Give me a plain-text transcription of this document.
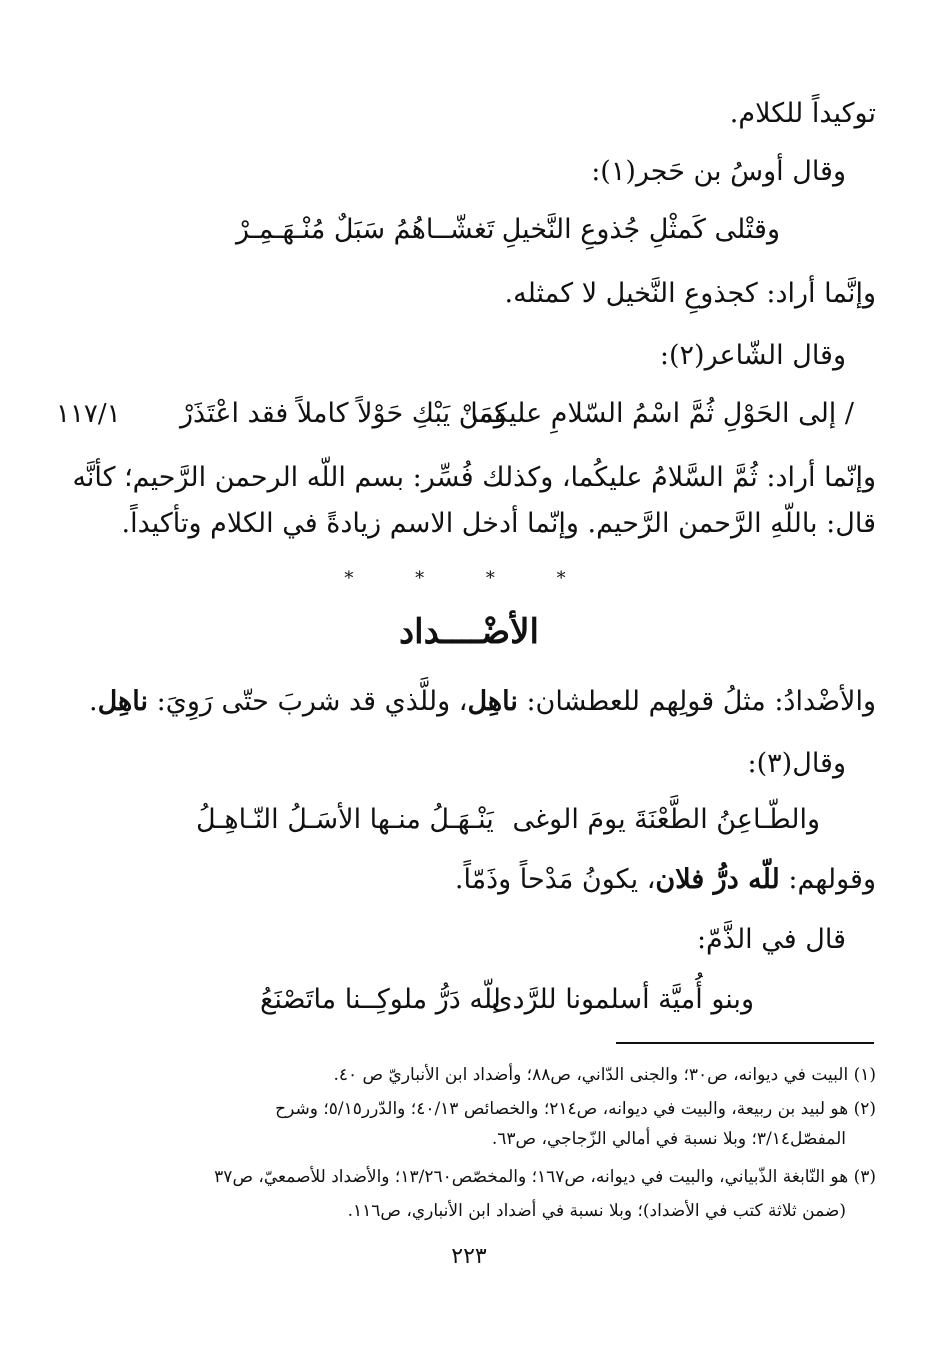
توكيداً للكلام.
وقال أوسُ بن حَجر(١):
وقتْلى كَمثْلِ جُذوعِ النَّخيلِ
تَغشّــاهُمُ سَبَلٌ مُنْـهَـمِـرْ
وإنَّما أراد: كجذوعِ النَّخيل لا كمثله.
وقال الشّاعر(٢):
/ إلى الحَوْلِ ثُمَّ اسْمُ السّلامِ عليكما
وَمَنْ يَبْكِ حَوْلاً كاملاً فقد اعْتَذَرْ
١١٧/١
وإنّما أراد: ثُمَّ السَّلامُ عليكُما، وكذلك فُسِّر: بسم اللّه الرحمن الرَّحيم؛ كأنَّه
قال: باللّهِ الرَّحمن الرَّحيم. وإنّما أدخل الاسم زيادةً في الكلام وتأكيداً.
* * * *
الأضْــــداد
والأضْدادُ: مثلُ قولِهم للعطشان: ناهِل، وللَّذي قد شربَ حتّى رَوِيَ: ناهِل.
وقال(٣):
والطّـاعِنُ الطَّعْنَةَ يومَ الوغى
يَنْـهَـلُ منـها الأسَـلُ النّـاهِـلُ
وقولهم: للّه درُّ فلان، يكونُ مَدْحاً وذَمّاً.
قال في الذَّمّ:
وبنو أُميَّة أسلمونا للرَّدى
لِلّه دَرُّ ملوكِــنا ماتَصْنَعُ
(١) البيت في ديوانه، ص٣٠؛ والجنى الدّاني، ص٨٨؛ وأضداد ابن الأنباريّ ص ٤٠.
(٢) هو لبيد بن ربيعة، والبيت في ديوانه، ص٢١٤؛ والخصائص ٤٠/١٣؛ والدّرر٥/١٥؛ وشرح
المفصّل٣/١٤؛ وبلا نسبة في أمالي الزّجاجي، ص٦٣.
(٣) هو النّابغة الذّبياني، والبيت في ديوانه، ص١٦٧؛ والمخصّص١٣/٢٦٠؛ والأضداد للأصمعيّ، ص٣٧
(ضمن ثلاثة كتب في الأضداد)؛ وبلا نسبة في أضداد ابن الأنباري، ص١١٦.
٢٢٣
